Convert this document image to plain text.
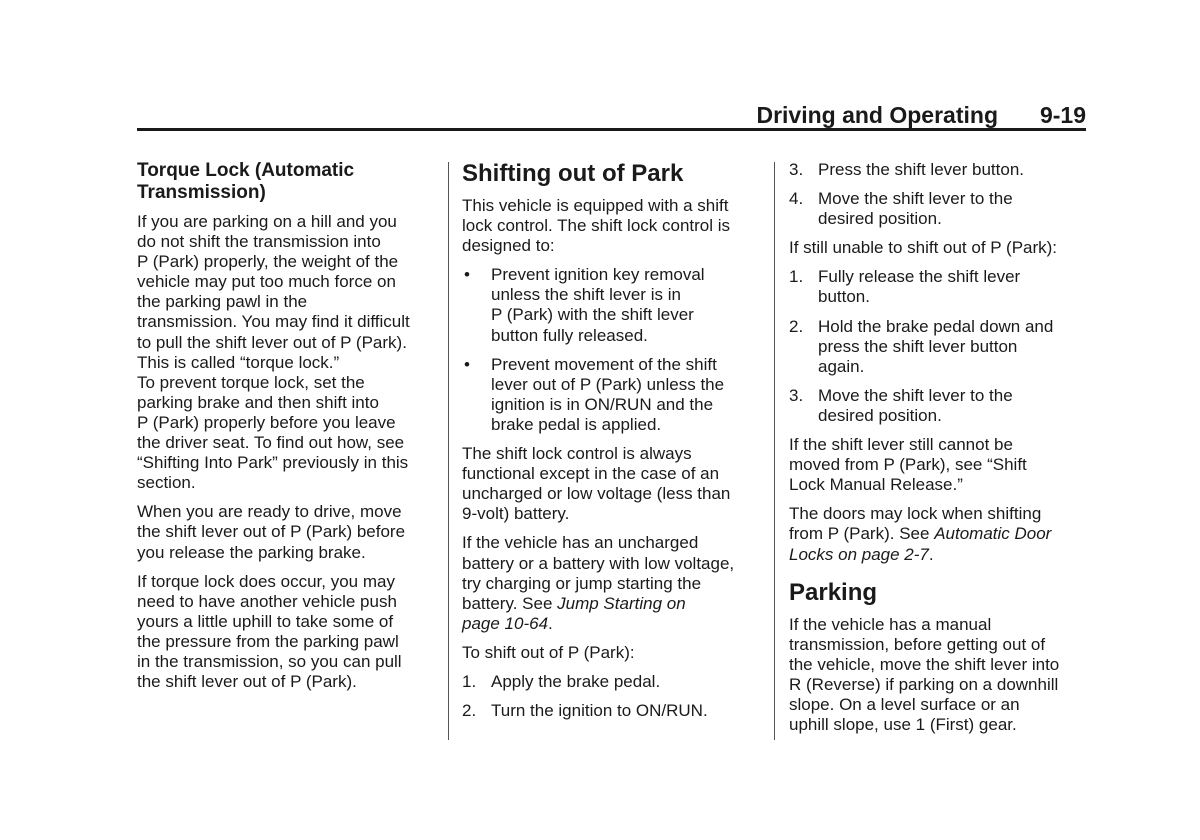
Driving and Operating 9-19
Torque Lock (Automatic
Transmission)

If you are parking on a hill and you
do not shift the transmission into
P (Park) properly, the weight of the
vehicle may put too much force on
the parking pawl in the
transmission. You may find it difficult
to pull the shift lever out of P (Park).
This is called “torque lock.”

To prevent torque lock, set the
parking brake and then shift into
P (Park) properly before you leave
the driver seat. To find out how, see
“Shifting Into Park” previously in this
section.

When you are ready to drive, move
the shift lever out of P (Park) before
you release the parking brake.

If torque lock does occur, you may
need to have another vehicle push
yours a little uphill to take some of
the pressure from the parking pawl
in the transmission, so you can pull
the shift lever out of P (Park).

Shifting out of Park

This vehicle is equipped with a shift
lock control. The shift lock control is
designed to:

• Prevent ignition key removal
unless the shift lever is in
P (Park) with the shift lever
button fully released.
• Prevent movement of the shift
lever out of P (Park) unless the
ignition is in ON/RUN and the
brake pedal is applied.

The shift lock control is always
functional except in the case of an
uncharged or low voltage (less than
9-volt) battery.

If the vehicle has an uncharged
battery or a battery with low voltage,
try charging or jump starting the
battery. See Jump Starting on
page 10-64.

To shift out of P (Park):

1. Apply the brake pedal.
2. Turn the ignition to ON/RUN.
3. Press the shift lever button.
4. Move the shift lever to the
desired position.

If still unable to shift out of P (Park):

1. Fully release the shift lever
button.
2. Hold the brake pedal down and
press the shift lever button
again.
3. Move the shift lever to the
desired position.

If the shift lever still cannot be
moved from P (Park), see “Shift
Lock Manual Release.”

The doors may lock when shifting
from P (Park). See Automatic Door
Locks on page 2-7.

Parking

If the vehicle has a manual
transmission, before getting out of
the vehicle, move the shift lever into
R (Reverse) if parking on a downhill
slope. On a level surface or an
uphill slope, use 1 (First) gear.
